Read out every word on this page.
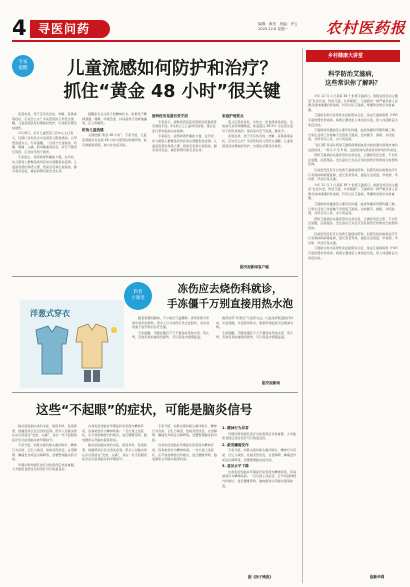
4 寻医问药	编辑：黄昊　美编：齐云
2025.12.8 星期一	农村医药报
专家
提醒	儿童流感如何防护和治疗？
抓住“黄金 48 小时”很关键

流感来袭，孩子还有些发烧、咳嗽、流鼻涕等症状，应该怎么办？多家医院的儿科医生提醒，儿童流感高发时要做好防护，出现症状要及时就医。

11月8日，北京儿童医院门诊中心主任表示，近期门诊和急诊中流感患儿明显增加，以甲型流感为主。专家提醒，一旦孩子出现高热、咳嗽、咽痛、头痛、肌肉酸痛等症状，家长不要盲目用药，应及时带孩子就医。

专家指出，流感病毒传播能力强，在学校、幼儿园等人群聚集场所容易出现聚集性疫情。儿童是流感的易感人群，感染后容易出现高热、肺炎等并发症，重症病例可能危及生命。

提醒家长关注孩子的精神状态。如果孩子精神萎靡、嗜睡、呼吸急促、持续高热不退或抽搐等，应立即就医。

防治儿童流感

关键把握“黄金 48 小时”。专家介绍，儿童流感最好在发病 48 小时内使用抗病毒药物，能有效缩短病程、减少并发症风险。

接种疫苗是最有效手段

专家表示，接种流感疫苗是预防流感最经济有效的手段。6月龄以上儿童均可接种，建议在流行季来临前完成接种。

专家指出，流感病毒传播能力强，在学校、幼儿园等人群聚集场所容易出现聚集性疫情。儿童是流感的易感人群，感染后容易出现高热、肺炎等并发症，重症病例可能危及生命。

家庭护理要点

患儿应居家休息，多饮水，饮食清淡易消化。发热时可采用物理降温，体温超过 38.5℃ 可在医生指导下使用退热药。保持室内空气流通，勤洗手。

流感来袭，孩子还有些发烧、咳嗽、流鼻涕等症状，应该怎么办？多家医院的儿科医生提醒，儿童流感高发时要做好防护，出现症状要及时就医。

据央视新闻客户端
科普
小课堂
冻伤应去烧伤科就诊，
手冻僵千万别直接用热水泡
洋葱式穿衣	随着寒潮的影响，不少地区气温骤降。冻伤是寒冷环境中常见的损伤，很多人以为冻伤应该去皮肤科，其实冻伤属于烧伤科的诊疗范围。

专家提醒，手脚冻僵后千万不要直接用热水泡、用火烤，否则容易加重组织损伤，可以用温水慢慢复温。

推荐采用“洋葱式”分层穿衣法，内层选择吸湿排汗材质，中层保暖，外层防风防水，根据环境温度灵活增减衣物。

专家提醒，手脚冻僵后千万不要直接用热水泡、用火烤，否则容易加重组织损伤，可以用温水慢慢复温。

据央视新闻
这些“不起眼”的症状，可能是脑炎信号

脑炎是指脑实质的炎症，病因多样，包括病毒、细菌感染以及自身免疫等。很多人对脑炎的认识仅停留在“发热、头痛”，其实一些不起眼的症状也可能是脑炎的早期信号。

专家介绍，如果出现持续头痛伴呕吐、精神行为异常、记忆力减退、性格突然改变、言语障碍、癫痫发作或意识障碍等，需要警惕脑炎的可能。

早期诊断和规范治疗对改善预后非常重要。大多数患者经过及时治疗可以恢复良好。

自身免疫性脑炎早期症状常表现为精神异常，容易被误诊为精神疾病。一旦出现上述症状，应尽快到神经内科就诊，进行腰椎穿刺、脑电图和头颅磁共振等检查。

脑炎是指脑实质的炎症，病因多样，包括病毒、细菌感染以及自身免疫等。很多人对脑炎的认识仅停留在“发热、头痛”，其实一些不起眼的症状也可能是脑炎的早期信号。

专家介绍，如果出现持续头痛伴呕吐、精神行为异常、记忆力减退、性格突然改变、言语障碍、癫痫发作或意识障碍等，需要警惕脑炎的可能。

自身免疫性脑炎早期症状常表现为精神异常，容易被误诊为精神疾病。一旦出现上述症状，应尽快到神经内科就诊，进行腰椎穿刺、脑电图和头颅磁共振等检查。

1. 精神行为异常

早期诊断和规范治疗对改善预后非常重要。大多数患者经过及时治疗可以恢复良好。

2. 新发癫痫发作

专家介绍，如果出现持续头痛伴呕吐、精神行为异常、记忆力减退、性格突然改变、言语障碍、癫痫发作或意识障碍等，需要警惕脑炎的可能。

3. 意识水平下降

自身免疫性脑炎早期症状常表现为精神异常，容易被误诊为精神疾病。一旦出现上述症状，应尽快到神经内科就诊，进行腰椎穿刺、脑电图和头颅磁共振等检查。

据《扬子晚报》
乡村健康大讲堂
科学防治艾滋病，
这些常识你了解吗？

今年 12 月 1 日是第 38 个世界艾滋病日。我国宣传活动主题是“社会共治，终结艾滋，共享健康”。艾滋病是一种严重危害人民群众身体健康的传染病，科学认识艾滋病，掌握防治知识非常重要。

艾滋病全称为获得性免疫缺陷综合征，是由艾滋病病毒（HIV）引起的慢性传染病。病毒主要侵犯人体免疫系统，使人体逐渐丧失免疫功能。

艾滋病的传播途径主要有性传播、血液传播和母婴传播三种。日常生活和工作接触不会感染艾滋病，比如握手、拥抱、共同进餐、共用劳动工具、办公用品等。

“窗口期”是指从感染艾滋病病毒到血液中能检测出病毒抗体的这段时间。一般为 2 至 6 周，这段时间内感染者同样具有传染性。

预防艾滋病的关键是坚持洁身自爱，正确使用安全套，不共用注射器，远离毒品。发生高危行为后应及时到医疗机构进行检测和咨询。

目前虽然没有可以治愈艾滋病的药物，但规范的抗病毒治疗可以有效抑制病毒复制，延长患者寿命，提高生活质量。早检测、早诊断、早治疗是关键。

今年 12 月 1 日是第 38 个世界艾滋病日。我国宣传活动主题是“社会共治，终结艾滋，共享健康”。艾滋病是一种严重危害人民群众身体健康的传染病，科学认识艾滋病，掌握防治知识非常重要。

艾滋病的传播途径主要有性传播、血液传播和母婴传播三种。日常生活和工作接触不会感染艾滋病，比如握手、拥抱、共同进餐、共用劳动工具、办公用品等。

预防艾滋病的关键是坚持洁身自爱，正确使用安全套，不共用注射器，远离毒品。发生高危行为后应及时到医疗机构进行检测和咨询。

目前虽然没有可以治愈艾滋病的药物，但规范的抗病毒治疗可以有效抑制病毒复制，延长患者寿命，提高生活质量。早检测、早诊断、早治疗是关键。

艾滋病全称为获得性免疫缺陷综合征，是由艾滋病病毒（HIV）引起的慢性传染病。病毒主要侵犯人体免疫系统，使人体逐渐丧失免疫功能。

据新华网
